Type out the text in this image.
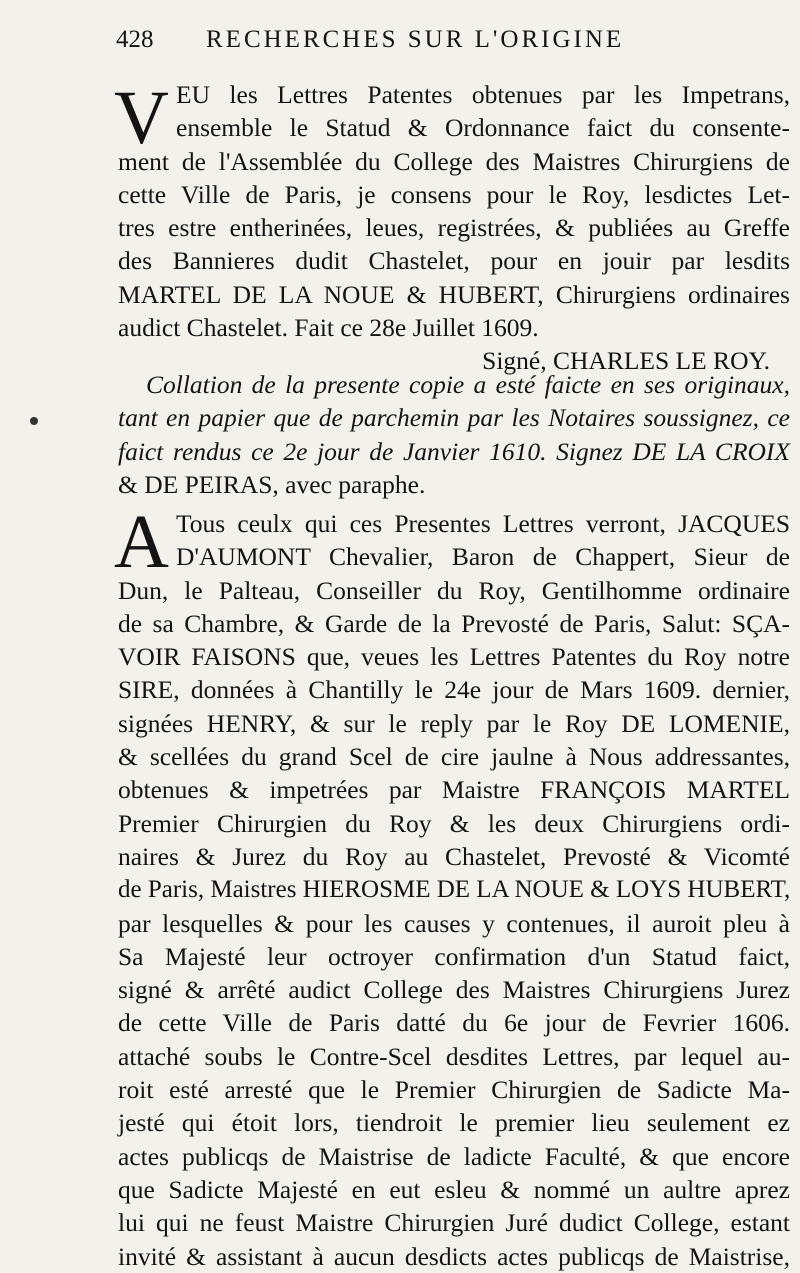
428 RECHERCHES SUR L'ORIGINE
V EU les Lettres Patentes obtenues par les Impetrans,
ensemble le Statud & Ordonnance faict du consente-
ment de l'Assemblée du College des Maistres Chirurgiens de
cette Ville de Paris, je consens pour le Roy, lesdictes Let-
tres estre entherinées, leues, registrées, & publiées au Greffe
des Bannieres dudit Chastelet, pour en jouir par lesdits
MARTEL DE LA NOUE & HUBERT, Chirurgiens ordinaires
audict Chastelet. Fait ce 28e Juillet 1609.
Signé, CHARLES LE ROY.
Collation de la presente copie a esté faicte en ses originaux,
tant en papier que de parchemin par les Notaires soussignez, ce
faict rendus ce 2e jour de Janvier 1610. Signez DE LA CROIX
& DE PEIRAS, avec paraphe.
A Tous ceulx qui ces Presentes Lettres verront, JACQUES
D'AUMONT Chevalier, Baron de Chappert, Sieur de
Dun, le Palteau, Conseiller du Roy, Gentilhomme ordinaire
de sa Chambre, & Garde de la Prevosté de Paris, Salut: SÇA-
VOIR FAISONS que, veues les Lettres Patentes du Roy notre
SIRE, données à Chantilly le 24e jour de Mars 1609. dernier,
signées HENRY, & sur le reply par le Roy DE LOMENIE,
& scellées du grand Scel de cire jaulne à Nous addressantes,
obtenues & impetrées par Maistre FRANÇOIS MARTEL
Premier Chirurgien du Roy & les deux Chirurgiens ordi-
naires & Jurez du Roy au Chastelet, Prevosté & Vicomté
de Paris, Maistres HIEROSME DE LA NOUE & LOYS HUBERT,
par lesquelles & pour les causes y contenues, il auroit pleu à
Sa Majesté leur octroyer confirmation d'un Statud faict,
signé & arrêté audict College des Maistres Chirurgiens Jurez
de cette Ville de Paris datté du 6e jour de Fevrier 1606.
attaché soubs le Contre-Scel desdites Lettres, par lequel au-
roit esté arresté que le Premier Chirurgien de Sadicte Ma-
jesté qui étoit lors, tiendroit le premier lieu seulement ez
actes publicqs de Maistrise de ladicte Faculté, & que encore
que Sadicte Majesté en eut esleu & nommé un aultre aprez
lui qui ne feust Maistre Chirurgien Juré dudict College, estant
invité & assistant à aucun desdicts actes publicqs de Maistrise,
